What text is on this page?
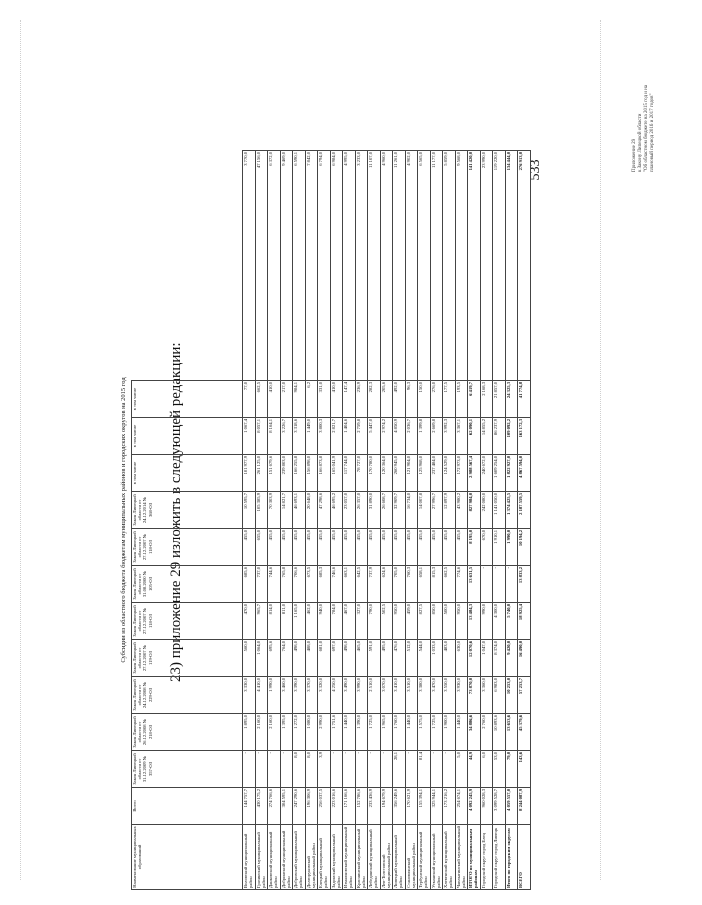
533
23) приложение 29 изложить в следующей редакции:
Приложение 29 к Закону Липецкой области "Об областном бюджете на 2015 год и на плановый период 2016 и 2017 годов"
Субсидии из областного бюджета бюджетам муниципальных районов и городских округов на 2015 год
Наименование муниципальных образований	Всего	Закон Липецкой области от 31.12.2009 № 357-ОЗ	Закон Липецкой области от 26.12.2008 № 218-ОЗ	Закон Липецкой области от 24.12.2008 № 229-ОЗ	Закон Липецкой области от 27.12.2007 № 119-ОЗ	Закон Липецкой области от 27.12.2007 № 118-ОЗ	Закон Липецкой области от 31.08.2000 № 105-ОЗ	Закон Липецкой области от 27.12.2007 № 118-ОЗ	Закон Липецкой области от 24.12.2014 № 368-ОЗ	в том числе	в том числе	в том числе	
Воловский муниципальный район	144 757,7	-	1 895,0	3 330,0	560,0	470,0	685,6	455,0	10 595,7	101 977,9	1 067,4	77,0	3 770,0
Грязинский муниципальный район	430 175,2	-	2 160,0	4 410,0	1 064,0	965,7	737,0	655,0	105 385,9	261 125,0	8 057,1	662,5	47 156,0
Данковский муниципальный район	274 766,6	-	2 160,0	1 990,0	695,6	814,0	744,6	455,0	70 303,9	151 679,6	8 164,1	410,0	6 372,0
Добринский муниципальный район	304 595,1	-	1 395,0	3 460,0	764,0	811,0	765,8	455,0	14 821,7	239 803,0	3 226,7	217,0	9 469,0
Добровский муниципальный район	247 290,6	8,0	1 272,0	3 390,0	498,0	1 165,0	706,6	455,0	46 693,1	166 255,8	3 318,6	984,1	6 590,1
Долгоруковский муниципальный район	196 306,9	8,0	1 080,0	3 370,0	488,0	462,0	673,5	455,0	20 648,0	156 898,0	1 449,0	6,2	7 842,0
Елецкий муниципальный район	256 037,5	3,9	2 990,0	3 320,0	681,0	940,0	685,3	455,0	47 298,6	166 873,8	3 800,3	331,0	6 794,0
Задонский муниципальный район	223 016,6	-	1 751,6	4 250,0	697,0	784,0	746,6	455,0	46 695,2	165 041,9	2 821,7	410,0	6 984,0
Измалковский муниципальный район	171 166,6	-	1 440,0	3 490,0	498,0	467,0	663,1	455,0	23 057,0	117 744,0	1 404,6	147,4	4 995,0
Краснинский муниципальный район	152 786,6	-	1 390,0	3 990,0	465,0	327,0	642,5	455,0	26 357,0	78 727,0	2 759,8	236,9	3 233,0
Лебедянский муниципальный район	233 436,9	-	1 725,0	2 510,0	591,0	790,0	737,9	455,0	31 890,0	170 780,0	5 447,0	282,3	11 107,0
Лев-Толстовский муниципальный район	194 679,9	-	1 965,0	3 070,0	495,0	502,5	624,6	455,0	26 608,7	120 364,0	2 974,2	205,6	4 960,0
Липецкий муниципальный район	356 249,6	28,1	1 760,0	3 410,0	476,0	950,0	705,0	455,0	32 909,7	260 945,0	4 850,9	492,0	11 261,0
Становлянский муниципальный район	170 621,9	-	1 440,0	3 510,0	512,0	459,0	760,3	455,0	16 734,0	121 904,0	2 036,7	96,3	4 902,0
Тербунский муниципальный район	155 394,1	81,4	1 575,0	3 380,0	544,0	827,5	658,1	455,0	14 007,8	125 968,0	1 399,8	150,0	6 565,0
Усманский муниципальный район	325 944,1	-	1 725,0	3 470,0	1 033,0	850,0	815,3	455,0	27 996,7	237 484,0	2 669,8	276,0	11 177,0
Хлевенский муниципальный район	173 216,2	-	1 900,0	3 550,0	483,0	500,0	662,5	455,0	12 897,9	124 529,0	3 992,3	177,5	5 859,0
Чаплыгинский муниципальный район	254 674,1	5,0	1 440,0	3 930,0	630,0	950,0	774,6	455,0	43 980,2	172 973,0	3 367,1	193,5	9 568,0
ИТОГО по муниципальным районам	4 092 245,9	44,9	34 886,6	73 870,0	12 070,6	13 484,3	13 631,5	8 195,0	827 984,0	2 988 567,4	62 090,1	6 419,7	141 420,0
Городской округ город Елец	960 028,3	6,0	2 760,0	3 360,0	1 047,0	990,0	-	670,0	242 080,0	240 672,0	14 855,2	2 168,3	23 990,0
Городской округ город Липецк	3 099 528,7	53,0	10 893,6	6 983,0	8 374,0	4 300,0	-	1 910,1	1 141 050,0	1 609 254,0	86 237,9	21 857,0	119 220,0
Итого по городским округам	4 059 557,0	79,0	13 653,6	10 253,0	9 420,0	5 740,0	-	1 990,0	1 374 425,5	1 822 927,0	109 092,2	24 325,3	134 444,0
ВСЕГО	8 244 087,9	143,6	45 379,6	57 253,7	16 490,0	18 925,4	13 833,2	10 194,2	2 187 559,5	4 867 594,0	163 172,3	41 774,8	276 913,0
